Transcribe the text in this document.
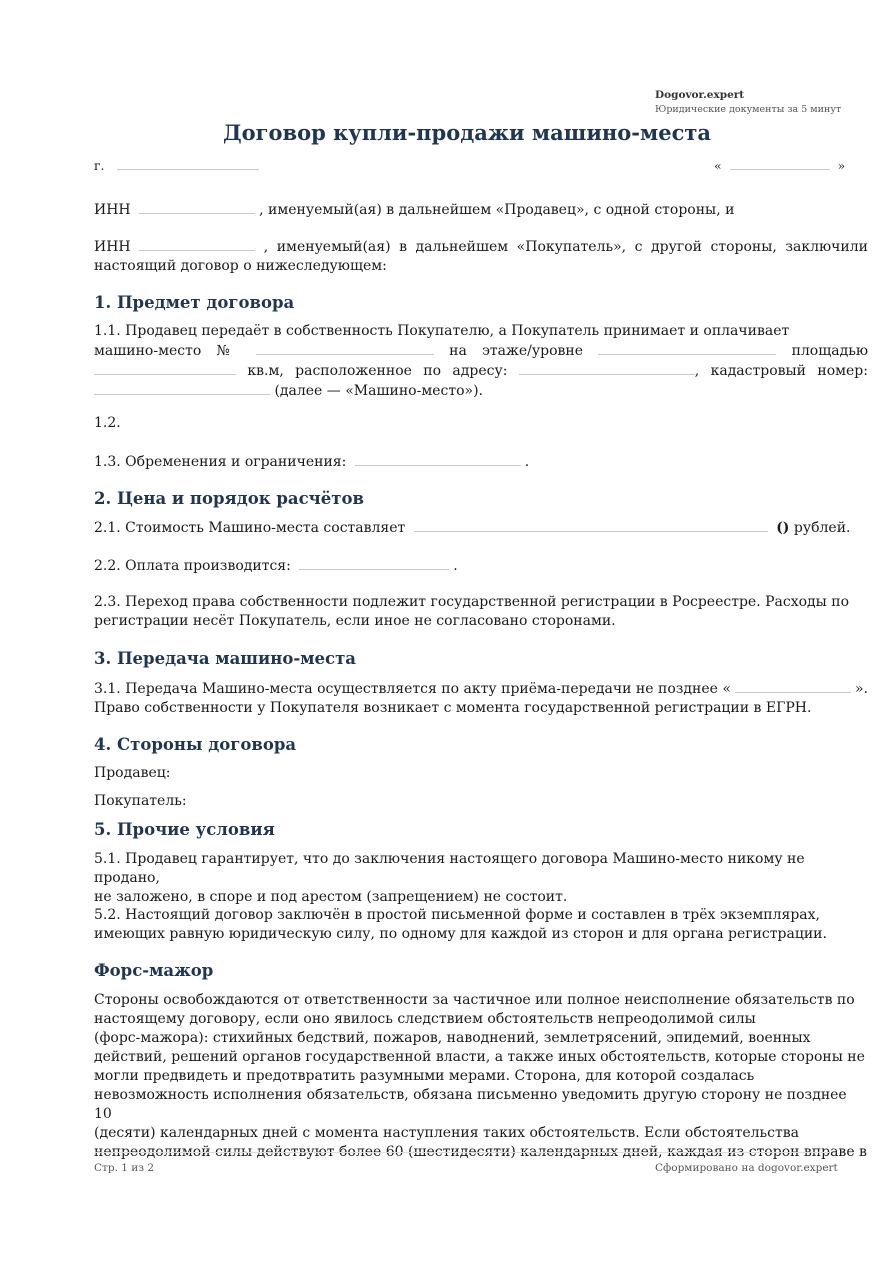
Dogovor.expert
Юридические документы за 5 минут
Договор купли-продажи машино-места
г.	«	»
ИНН	, именуемый(ая) в дальнейшем «Продавец», с одной стороны, и
ИНН	, именуемый(ая) в дальнейшем «Покупатель», с другой стороны, заключили
настоящий договор о нижеследующем:
1. Предмет договора
1.1. Продавец передаёт в собственность Покупателю, а Покупатель принимает и оплачивает
машино-место №	на этаже/уровне	площадью
кв.м, расположенное по адресу:	, кадастровый номер:
(далее — «Машино-место»).
1.2.
1.3. Обременения и ограничения:	.
2. Цена и порядок расчётов
2.1. Стоимость Машино-места составляет	() рублей.
2.2. Оплата производится:	.
2.3. Переход права собственности подлежит государственной регистрации в Росреестре. Расходы по
регистрации несёт Покупатель, если иное не согласовано сторонами.
3. Передача машино-места
3.1. Передача Машино-места осуществляется по акту приёма-передачи не позднее «	».
Право собственности у Покупателя возникает с момента государственной регистрации в ЕГРН.
4. Стороны договора
Продавец:
Покупатель:
5. Прочие условия
5.1. Продавец гарантирует, что до заключения настоящего договора Машино-место никому не продано,
не заложено, в споре и под арестом (запрещением) не состоит.
5.2. Настоящий договор заключён в простой письменной форме и составлен в трёх экземплярах,
имеющих равную юридическую силу, по одному для каждой из сторон и для органа регистрации.
Форс-мажор
Стороны освобождаются от ответственности за частичное или полное неисполнение обязательств по
настоящему договору, если оно явилось следствием обстоятельств непреодолимой силы
(форс-мажора): стихийных бедствий, пожаров, наводнений, землетрясений, эпидемий, военных
действий, решений органов государственной власти, а также иных обстоятельств, которые стороны не
могли предвидеть и предотвратить разумными мерами. Сторона, для которой создалась
невозможность исполнения обязательств, обязана письменно уведомить другую сторону не позднее 10
(десяти) календарных дней с момента наступления таких обстоятельств. Если обстоятельства
непреодолимой силы действуют более 60 (шестидесяти) календарных дней, каждая из сторон вправе в
Стр. 1 из 2	Сформировано на dogovor.expert
